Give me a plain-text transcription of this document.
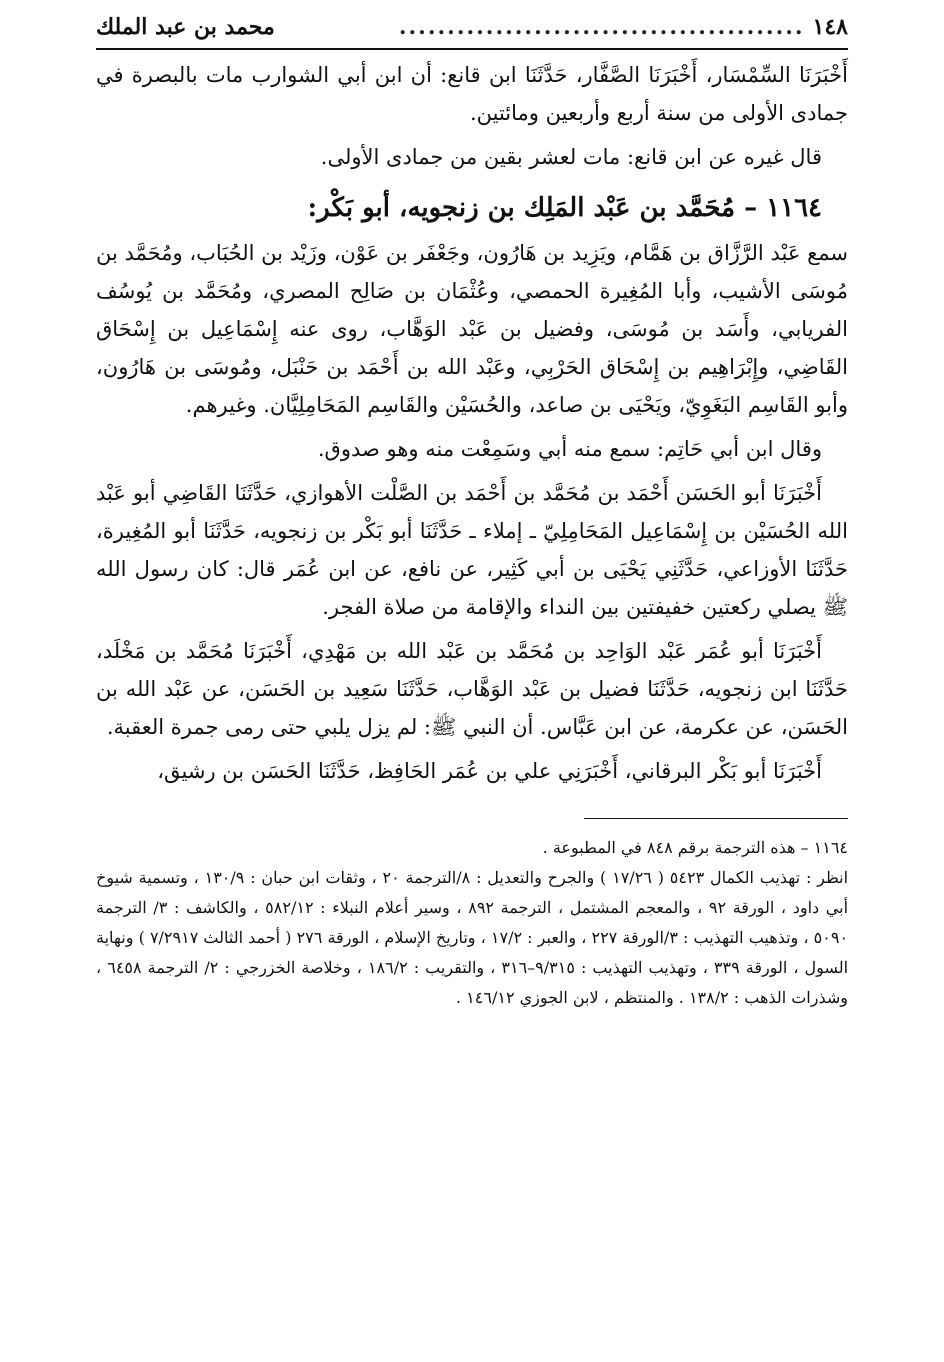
١٤٨
..........................................
محمد بن عبد الملك

أَخْبَرَنَا السِّمْسَار، أَخْبَرَنَا الصَّفَّار، حَدَّثَنَا ابن قانع: أن ابن أبي الشوارب مات بالبصرة في جمادى الأولى من سنة أربع وأربعين ومائتين.

قال غيره عن ابن قانع: مات لعشر بقين من جمادى الأولى.

١١٦٤ – مُحَمَّد بن عَبْد المَلِك بن زنجويه، أبو بَكْر:

سمع عَبْد الرَّزَّاق بن هَمَّام، ويَزِيد بن هَارُون، وجَعْفَر بن عَوْن، وزَيْد بن الحُبَاب، ومُحَمَّد بن مُوسَى الأشيب، وأبا المُغِيرة الحمصي، وعُثْمَان بن صَالِح المصري، ومُحَمَّد بن يُوسُف الفريابي، وأَسَد بن مُوسَى، وفضيل بن عَبْد الوَهَّاب، روى عنه إِسْمَاعِيل بن إِسْحَاق القَاضِي، وإِبْرَاهِيم بن إِسْحَاق الحَرْبِي، وعَبْد الله بن أَحْمَد بن حَنْبَل، ومُوسَى بن هَارُون، وأبو القَاسِم البَغَوِيّ، ويَحْيَى بن صاعد، والحُسَيْن والقَاسِم المَحَامِلِيَّان. وغيرهم.

وقال ابن أبي حَاتِم: سمع منه أبي وسَمِعْت منه وهو صدوق.

أَخْبَرَنَا أبو الحَسَن أَحْمَد بن مُحَمَّد بن أَحْمَد بن الصَّلْت الأهوازي، حَدَّثَنَا القَاضِي أبو عَبْد الله الحُسَيْن بن إِسْمَاعِيل المَحَامِلِيّ ـ إملاء ـ حَدَّثَنَا أبو بَكْر بن زنجويه، حَدَّثَنَا أبو المُغِيرة، حَدَّثَنَا الأوزاعي، حَدَّثَنِي يَحْيَى بن أبي كَثِير، عن نافع، عن ابن عُمَر قال: كان رسول الله ﷺ يصلي ركعتين خفيفتين بين النداء والإقامة من صلاة الفجر.

أَخْبَرَنَا أبو عُمَر عَبْد الوَاحِد بن مُحَمَّد بن عَبْد الله بن مَهْدِي، أَخْبَرَنَا مُحَمَّد بن مَخْلَد، حَدَّثَنَا ابن زنجويه، حَدَّثَنَا فضيل بن عَبْد الوَهَّاب، حَدَّثَنَا سَعِيد بن الحَسَن، عن عَبْد الله بن الحَسَن، عن عكرمة، عن ابن عَبَّاس. أن النبي ﷺ: لم يزل يلبي حتى رمى جمرة العقبة.

أَخْبَرَنَا أبو بَكْر البرقاني، أَخْبَرَنِي علي بن عُمَر الحَافِظ، حَدَّثَنَا الحَسَن بن رشيق،

١١٦٤ – هذه الترجمة برقم ٨٤٨ في المطبوعة .

انظر : تهذيب الكمال ٥٤٢٣ ( ١٧/٢٦ ) والجرح والتعديل : ٨/الترجمة ٢٠ ، وثقات ابن حبان : ١٣٠/٩ ، وتسمية شيوخ أبي داود ، الورقة ٩٢ ، والمعجم المشتمل ، الترجمة ٨٩٢ ، وسير أعلام النبلاء : ٥٨٢/١٢ ، والكاشف : ٣/ الترجمة ٥٠٩٠ ، وتذهيب التهذيب : ٣/الورقة ٢٢٧ ، والعبر : ١٧/٢ ، وتاريخ الإسلام ، الورقة ٢٧٦ ( أحمد الثالث ٧/٢٩١٧ ) ونهاية السول ، الورقة ٣٣٩ ، وتهذيب التهذيب : ٩/٣١٥–٣١٦ ، والتقريب : ١٨٦/٢ ، وخلاصة الخزرجي : ٢/ الترجمة ٦٤٥٨ ، وشذرات الذهب : ١٣٨/٢ . والمنتظم ، لابن الجوزي ١٤٦/١٢ .
